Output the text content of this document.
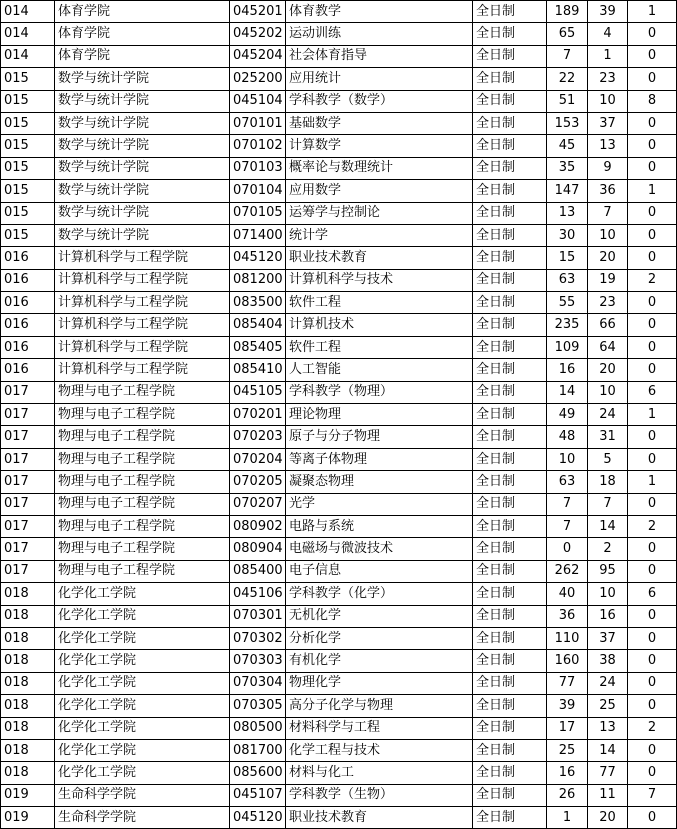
014	体育学院	045201	体育教学	全日制	189	39	1
014	体育学院	045202	运动训练	全日制	65	4	0
014	体育学院	045204	社会体育指导	全日制	7	1	0
015	数学与统计学院	025200	应用统计	全日制	22	23	0
015	数学与统计学院	045104	学科教学（数学）	全日制	51	10	8
015	数学与统计学院	070101	基础数学	全日制	153	37	0
015	数学与统计学院	070102	计算数学	全日制	45	13	0
015	数学与统计学院	070103	概率论与数理统计	全日制	35	9	0
015	数学与统计学院	070104	应用数学	全日制	147	36	1
015	数学与统计学院	070105	运筹学与控制论	全日制	13	7	0
015	数学与统计学院	071400	统计学	全日制	30	10	0
016	计算机科学与工程学院	045120	职业技术教育	全日制	15	20	0
016	计算机科学与工程学院	081200	计算机科学与技术	全日制	63	19	2
016	计算机科学与工程学院	083500	软件工程	全日制	55	23	0
016	计算机科学与工程学院	085404	计算机技术	全日制	235	66	0
016	计算机科学与工程学院	085405	软件工程	全日制	109	64	0
016	计算机科学与工程学院	085410	人工智能	全日制	16	20	0
017	物理与电子工程学院	045105	学科教学（物理）	全日制	14	10	6
017	物理与电子工程学院	070201	理论物理	全日制	49	24	1
017	物理与电子工程学院	070203	原子与分子物理	全日制	48	31	0
017	物理与电子工程学院	070204	等离子体物理	全日制	10	5	0
017	物理与电子工程学院	070205	凝聚态物理	全日制	63	18	1
017	物理与电子工程学院	070207	光学	全日制	7	7	0
017	物理与电子工程学院	080902	电路与系统	全日制	7	14	2
017	物理与电子工程学院	080904	电磁场与微波技术	全日制	0	2	0
017	物理与电子工程学院	085400	电子信息	全日制	262	95	0
018	化学化工学院	045106	学科教学（化学）	全日制	40	10	6
018	化学化工学院	070301	无机化学	全日制	36	16	0
018	化学化工学院	070302	分析化学	全日制	110	37	0
018	化学化工学院	070303	有机化学	全日制	160	38	0
018	化学化工学院	070304	物理化学	全日制	77	24	0
018	化学化工学院	070305	高分子化学与物理	全日制	39	25	0
018	化学化工学院	080500	材料科学与工程	全日制	17	13	2
018	化学化工学院	081700	化学工程与技术	全日制	25	14	0
018	化学化工学院	085600	材料与化工	全日制	16	77	0
019	生命科学学院	045107	学科教学（生物）	全日制	26	11	7
019	生命科学学院	045120	职业技术教育	全日制	1	20	0
